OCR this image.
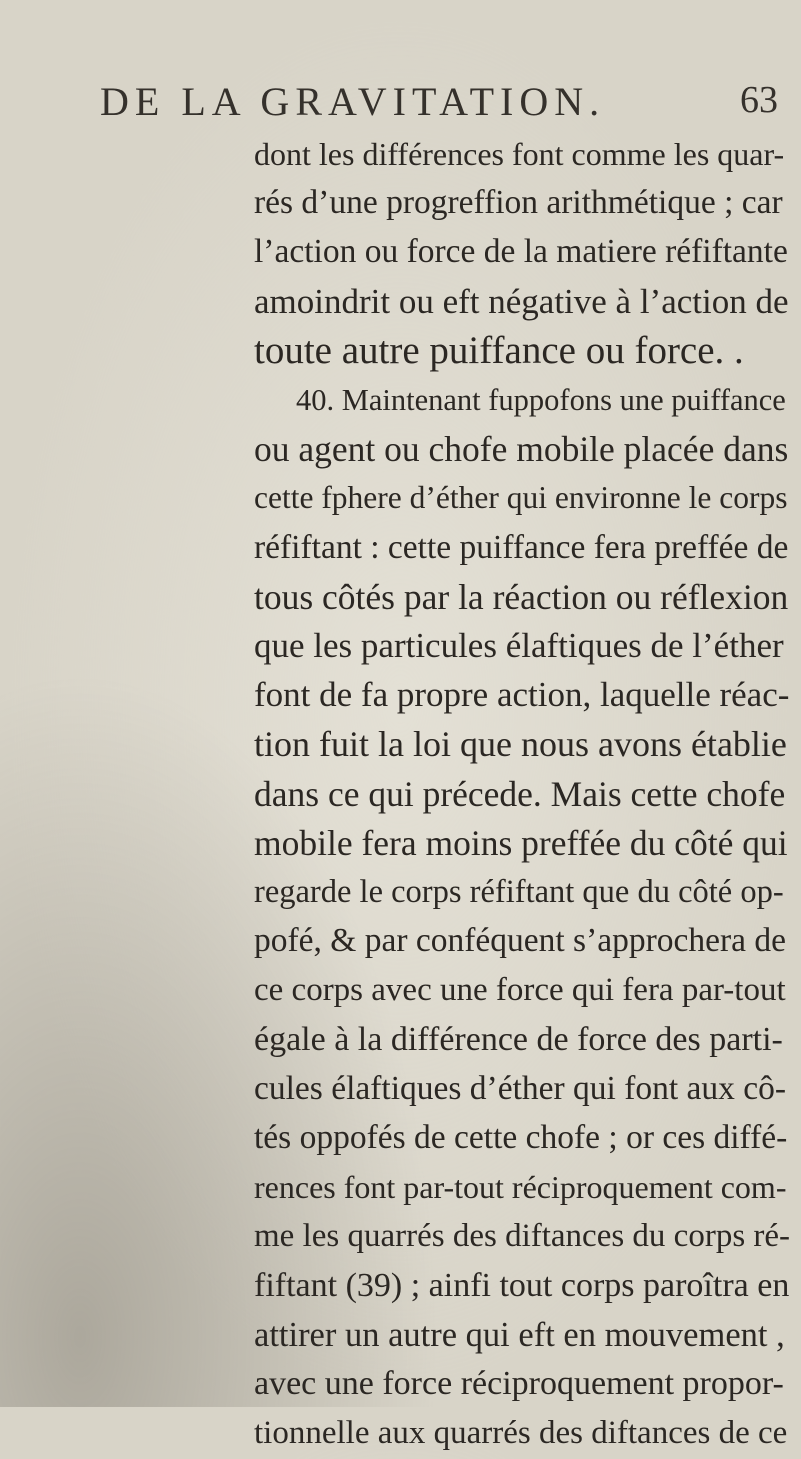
DE LA GRAVITATION.	63
dont les différences font comme les quar-
rés d’une progreffion arithmétique ; car
l’action ou force de la matiere réfiftante
amoindrit ou eft négative à l’action de
toute autre puiffance ou force. .
40. Maintenant fuppofons une puiffance
ou agent ou chofe mobile placée dans
cette fphere d’éther qui environne le corps
réfiftant : cette puiffance fera preffée de
tous côtés par la réaction ou réflexion
que les particules élaftiques de l’éther
font de fa propre action, laquelle réac-
tion fuit la loi que nous avons établie
dans ce qui précede. Mais cette chofe
mobile fera moins preffée du côté qui
regarde le corps réfiftant que du côté op-
pofé, & par conféquent s’approchera de
ce corps avec une force qui fera par-tout
égale à la différence de force des parti-
cules élaftiques d’éther qui font aux cô-
tés oppofés de cette chofe ; or ces diffé-
rences font par-tout réciproquement com-
me les quarrés des diftances du corps ré-
fiftant (39) ; ainfi tout corps paroîtra en
attirer un autre qui eft en mouvement ,
avec une force réciproquement propor-
tionnelle aux quarrés des diftances de ce
